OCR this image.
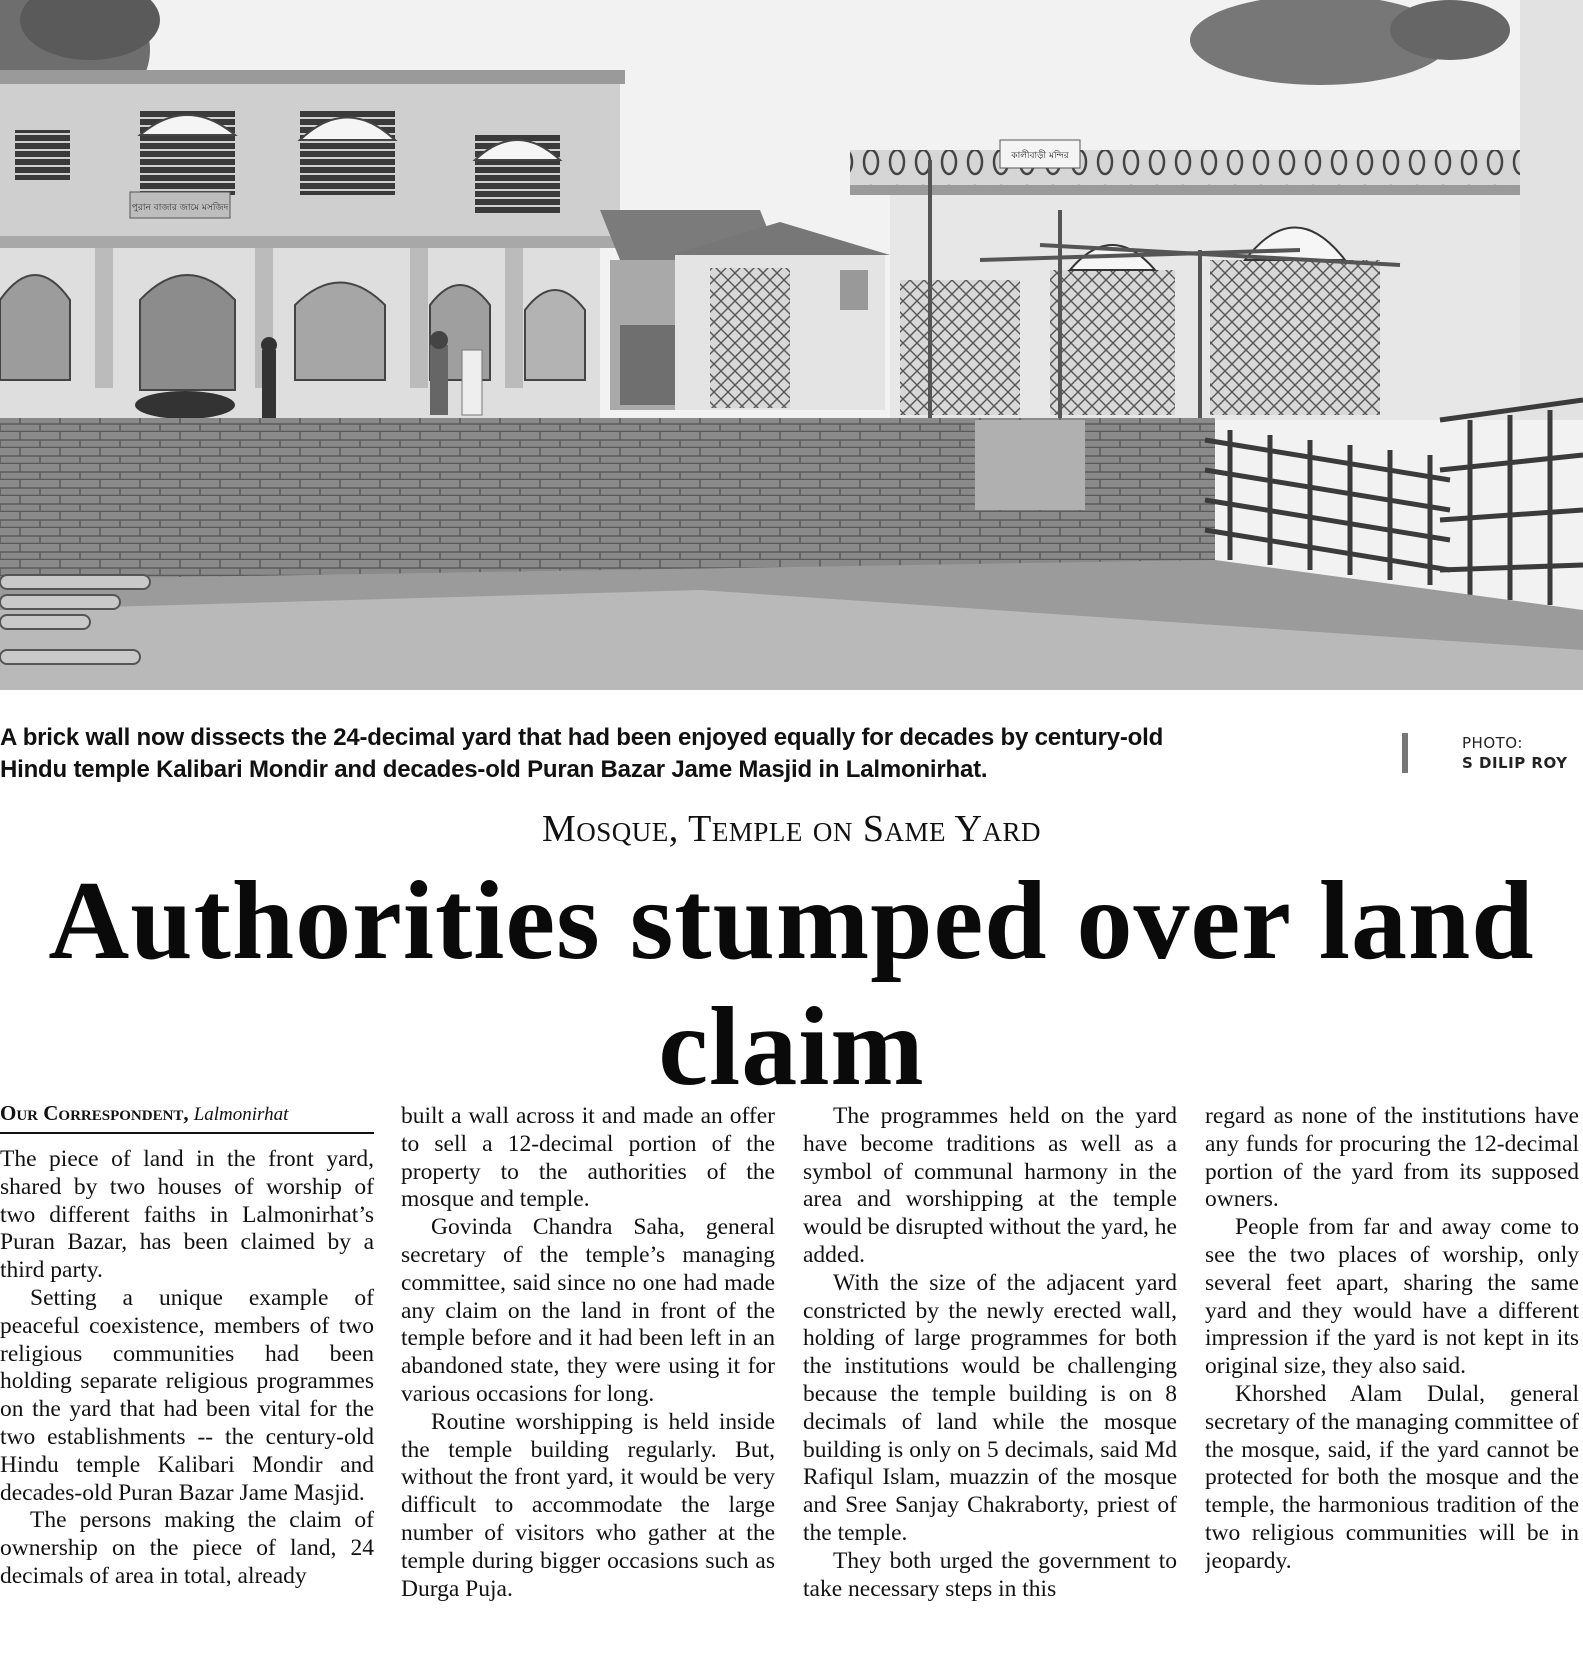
পুরান বাজার জামে মসজিদ
কালীবাড়ী মন্দির
A brick wall now dissects the 24-decimal yard that had been enjoyed equally for decades by century-old Hindu temple Kalibari Mondir and decades-old Puran Bazar Jame Masjid in Lalmonirhat.
PHOTO:
S DILIP ROY
Mosque, Temple on Same Yard
Authorities stumped over land claim
Our Correspondent, Lalmonirhat

The piece of land in the front yard, shared by two houses of worship of two different faiths in Lalmonirhat’s Puran Bazar, has been claimed by a third party.

Setting a unique example of peaceful coexistence, members of two religious communities had been holding separate religious programmes on the yard that had been vital for the two establishments -- the century-old Hindu temple Kalibari Mondir and decades-old Puran Bazar Jame Masjid.

The persons making the claim of ownership on the piece of land, 24 decimals of area in total, already

built a wall across it and made an offer to sell a 12-decimal portion of the property to the authorities of the mosque and temple.

Govinda Chandra Saha, general secretary of the temple’s managing committee, said since no one had made any claim on the land in front of the temple before and it had been left in an abandoned state, they were using it for various occasions for long.

Routine worshipping is held inside the temple building regularly. But, without the front yard, it would be very difficult to accommodate the large number of visitors who gather at the temple during bigger occasions such as Durga Puja.

The programmes held on the yard have become traditions as well as a symbol of communal harmony in the area and worshipping at the temple would be disrupted without the yard, he added.

With the size of the adjacent yard constricted by the newly erected wall, holding of large programmes for both the institutions would be challenging because the temple building is on 8 decimals of land while the mosque building is only on 5 decimals, said Md Rafiqul Islam, muazzin of the mosque and Sree Sanjay Chakraborty, priest of the temple.

They both urged the government to take necessary steps in this

regard as none of the institutions have any funds for procuring the 12-decimal portion of the yard from its supposed owners.

People from far and away come to see the two places of worship, only several feet apart, sharing the same yard and they would have a different impression if the yard is not kept in its original size, they also said.

Khorshed Alam Dulal, general secretary of the managing committee of the mosque, said, if the yard cannot be protected for both the mosque and the temple, the harmonious tradition of the two religious communities will be in jeopardy.
